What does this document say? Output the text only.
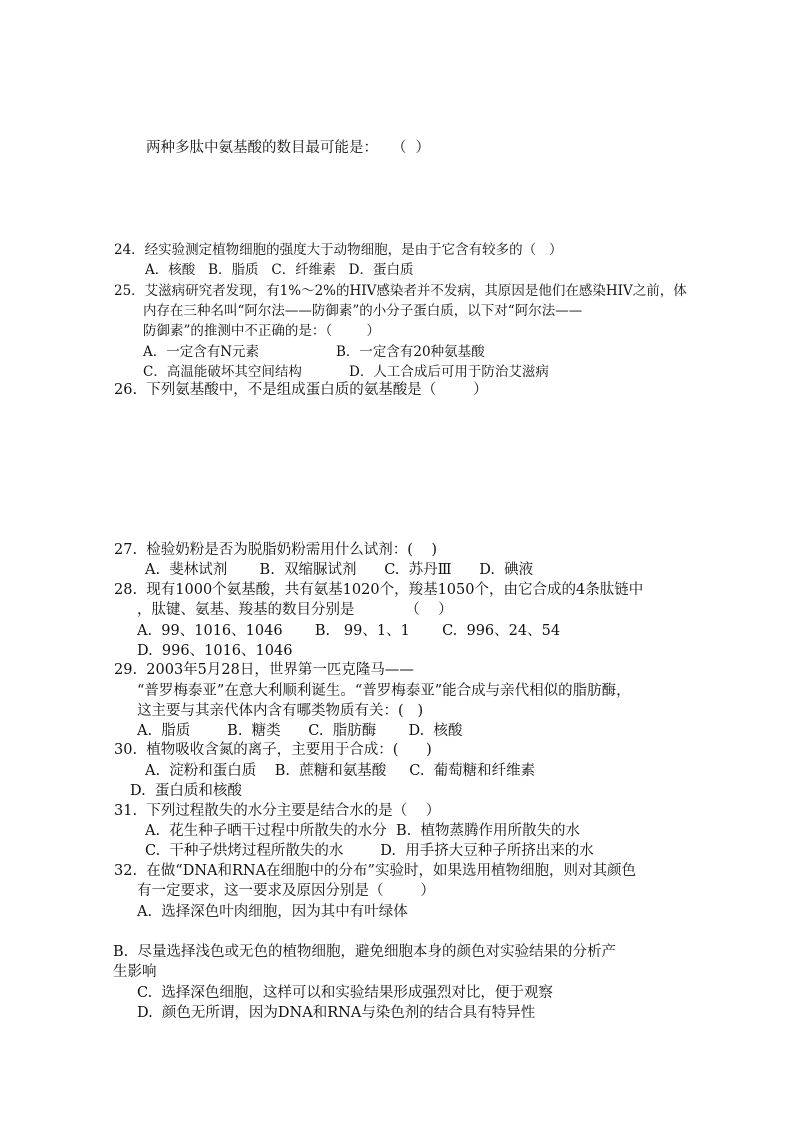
两种多肽中氨基酸的数目最可能是：   （  ）
24．经实验测定植物细胞的强度大于动物细胞，是由于它含有较多的（   ）
A．核酸   B．脂质   C．纤维素   D．蛋白质
25．艾滋病研究者发现，有1%～2%的HIV感染者并不发病，其原因是他们在感染HIV之前，体
内存在三种名叫“阿尔法——防御素”的小分子蛋白质，以下对“阿尔法——
防御素”的推测中不正确的是：（        ）
A．一定含有N元素	B．一定含有20种氨基酸
C．高温能破坏其空间结构	D．人工合成后可用于防治艾滋病
26.  下列氨基酸中，不是组成蛋白质的氨基酸是（        ）
27.  检验奶粉是否为脱脂奶粉需用什么试剂：(    )
A.  斐林试剂       B.  双缩脲试剂      C.  苏丹Ⅲ      D.  碘液
28.  现有1000个氨基酸，共有氨基1020个，羧基1050个，由它合成的4条肽链中
，肽键、氨基、羧基的数目分别是           （    ）
A.  99、1016、1046       B.   99、1、1       C.  996、24、54
D.  996、1016、1046
29.  2003年5月28日，世界第一匹克隆马——
“普罗梅泰亚”在意大利顺利诞生。“普罗梅泰亚”能合成与亲代相似的脂肪酶，
这主要与其亲代体内含有哪类物质有关：(   )
A.  脂质        B.  糖类      C.  脂肪酶       D.  核酸
30.  植物吸收含氮的离子，主要用于合成：(      )
A.  淀粉和蛋白质    B.  蔗糖和氨基酸     C.  葡萄糖和纤维素
D.  蛋白质和核酸
31.  下列过程散失的水分主要是结合水的是（    ）
A.  花生种子晒干过程中所散失的水分  B.  植物蒸腾作用所散失的水
C.  干种子烘烤过程所散失的水        D.  用手挤大豆种子所挤出来的水
32.  在做“DNA和RNA在细胞中的分布”实验时，如果选用植物细胞，则对其颜色
有一定要求，这一要求及原因分别是（        ）
A.  选择深色叶肉细胞，因为其中有叶绿体
B.  尽量选择浅色或无色的植物细胞，避免细胞本身的颜色对实验结果的分析产
生影响
C.  选择深色细胞，这样可以和实验结果形成强烈对比，便于观察
D.  颜色无所谓，因为DNA和RNA与染色剂的结合具有特异性
